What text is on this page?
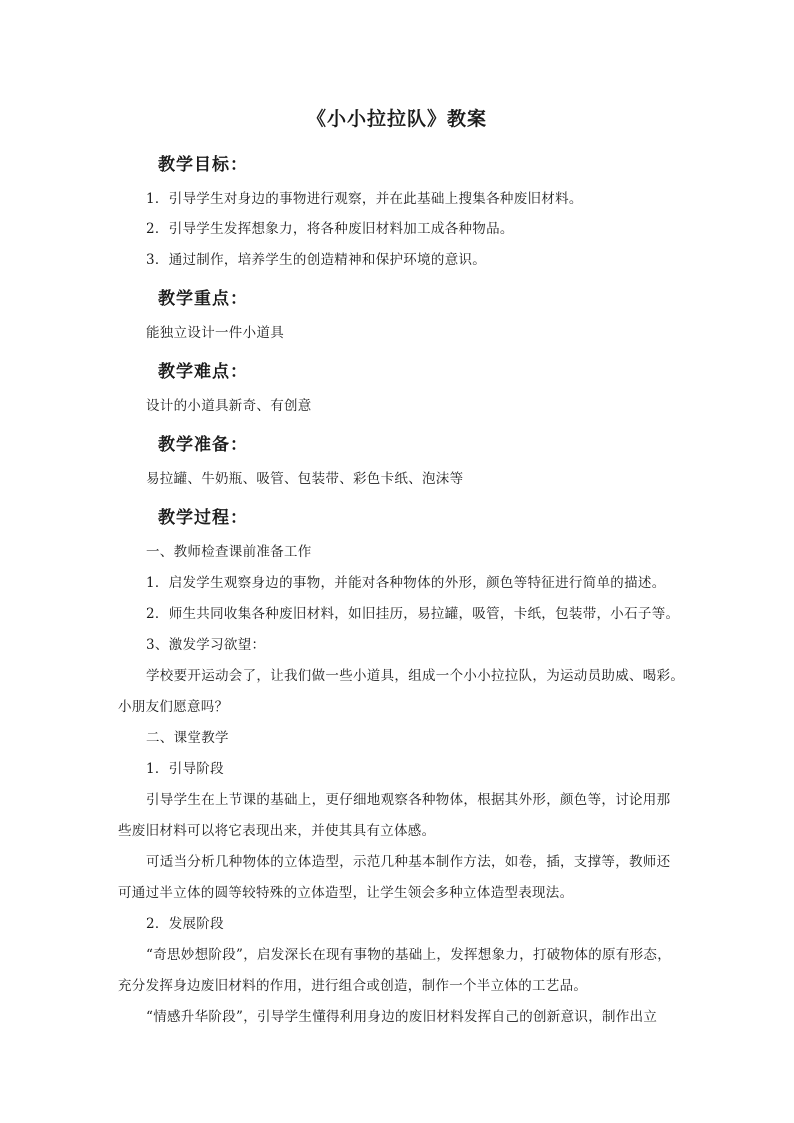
《小小拉拉队》教案
教学目标：
1．引导学生对身边的事物进行观察，并在此基础上搜集各种废旧材料。
2．引导学生发挥想象力，将各种废旧材料加工成各种物品。
3．通过制作，培养学生的创造精神和保护环境的意识。
教学重点：
能独立设计一件小道具
教学难点：
设计的小道具新奇、有创意
教学准备：
易拉罐、牛奶瓶、吸管、包装带、彩色卡纸、泡沫等
教学过程：
一、教师检查课前准备工作
1．启发学生观察身边的事物，并能对各种物体的外形，颜色等特征进行简单的描述。
2．师生共同收集各种废旧材料，如旧挂历，易拉罐，吸管，卡纸，包装带，小石子等。
3、激发学习欲望：
学校要开运动会了，让我们做一些小道具，组成一个小小拉拉队，为运动员助威、喝彩。
小朋友们愿意吗？
二、课堂教学
1．引导阶段
引导学生在上节课的基础上，更仔细地观察各种物体，根据其外形，颜色等，讨论用那
些废旧材料可以将它表现出来，并使其具有立体感。
可适当分析几种物体的立体造型，示范几种基本制作方法，如卷，插，支撑等，教师还
可通过半立体的圆等较特殊的立体造型，让学生领会多种立体造型表现法。
2．发展阶段
“奇思妙想阶段”，启发深长在现有事物的基础上，发挥想象力，打破物体的原有形态，
充分发挥身边废旧材料的作用，进行组合或创造，制作一个半立体的工艺品。
“情感升华阶段”，引导学生懂得利用身边的废旧材料发挥自己的创新意识，制作出立
